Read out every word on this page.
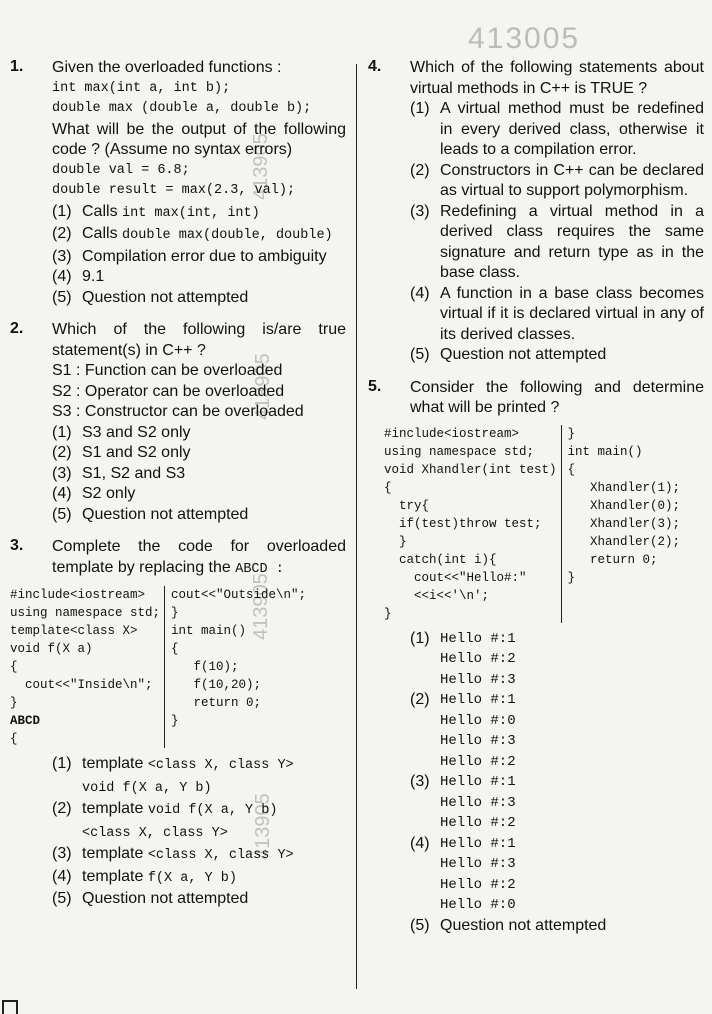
413005
413905
413905
413905
413905
1. Given the overloaded functions :
int max(int a, int b);
double max (double a, double b);
What will be the output of the following code ? (Assume no syntax errors)
double val = 6.8;
double result = max(2.3, val);
(1) Calls int max(int, int)
(2) Calls double max(double, double)
(3) Compilation error due to ambiguity
(4) 9.1
(5) Question not attempted
2. Which of the following is/are true statement(s) in C++ ?
S1 : Function can be overloaded
S2 : Operator can be overloaded
S3 : Constructor can be overloaded
(1) S3 and S2 only
(2) S1 and S2 only
(3) S1, S2 and S3
(4) S2 only
(5) Question not attempted
3. Complete the code for overloaded template by replacing the ABCD :
#include<iostream>
using namespace std;
template<class X>
void f(X a)
{
cout<<"Inside\n";
}
ABCD
{
cout<<"Outside\n";
}
int main()
{
f(10);
f(10,20);
return 0;
}
(1) template <class X, class Y>
void f(X a, Y b)
(2) template void f(X a, Y b)
<class X, class Y>
(3) template <class X, class Y>
(4) template f(X a, Y b)
(5) Question not attempted
4. Which of the following statements about virtual methods in C++ is TRUE ?
(1) A virtual method must be redefined in every derived class, otherwise it leads to a compilation error.
(2) Constructors in C++ can be declared as virtual to support polymorphism.
(3) Redefining a virtual method in a derived class requires the same signature and return type as in the base class.
(4) A function in a base class becomes virtual if it is declared virtual in any of its derived classes.
(5) Question not attempted
5. Consider the following and determine what will be printed ?
#include<iostream>
using namespace std;
void Xhandler(int test)
{
try{
if(test)throw test;
}
catch(int i){
cout<<"Hello#:"
<<i<<'\n';
}
}
int main()
{
Xhandler(1);
Xhandler(0);
Xhandler(3);
Xhandler(2);
return 0;
}
(1) Hello #:1
Hello #:2
Hello #:3
(2) Hello #:1
Hello #:0
Hello #:3
Hello #:2
(3) Hello #:1
Hello #:3
Hello #:2
(4) Hello #:1
Hello #:3
Hello #:2
Hello #:0
(5) Question not attempted
